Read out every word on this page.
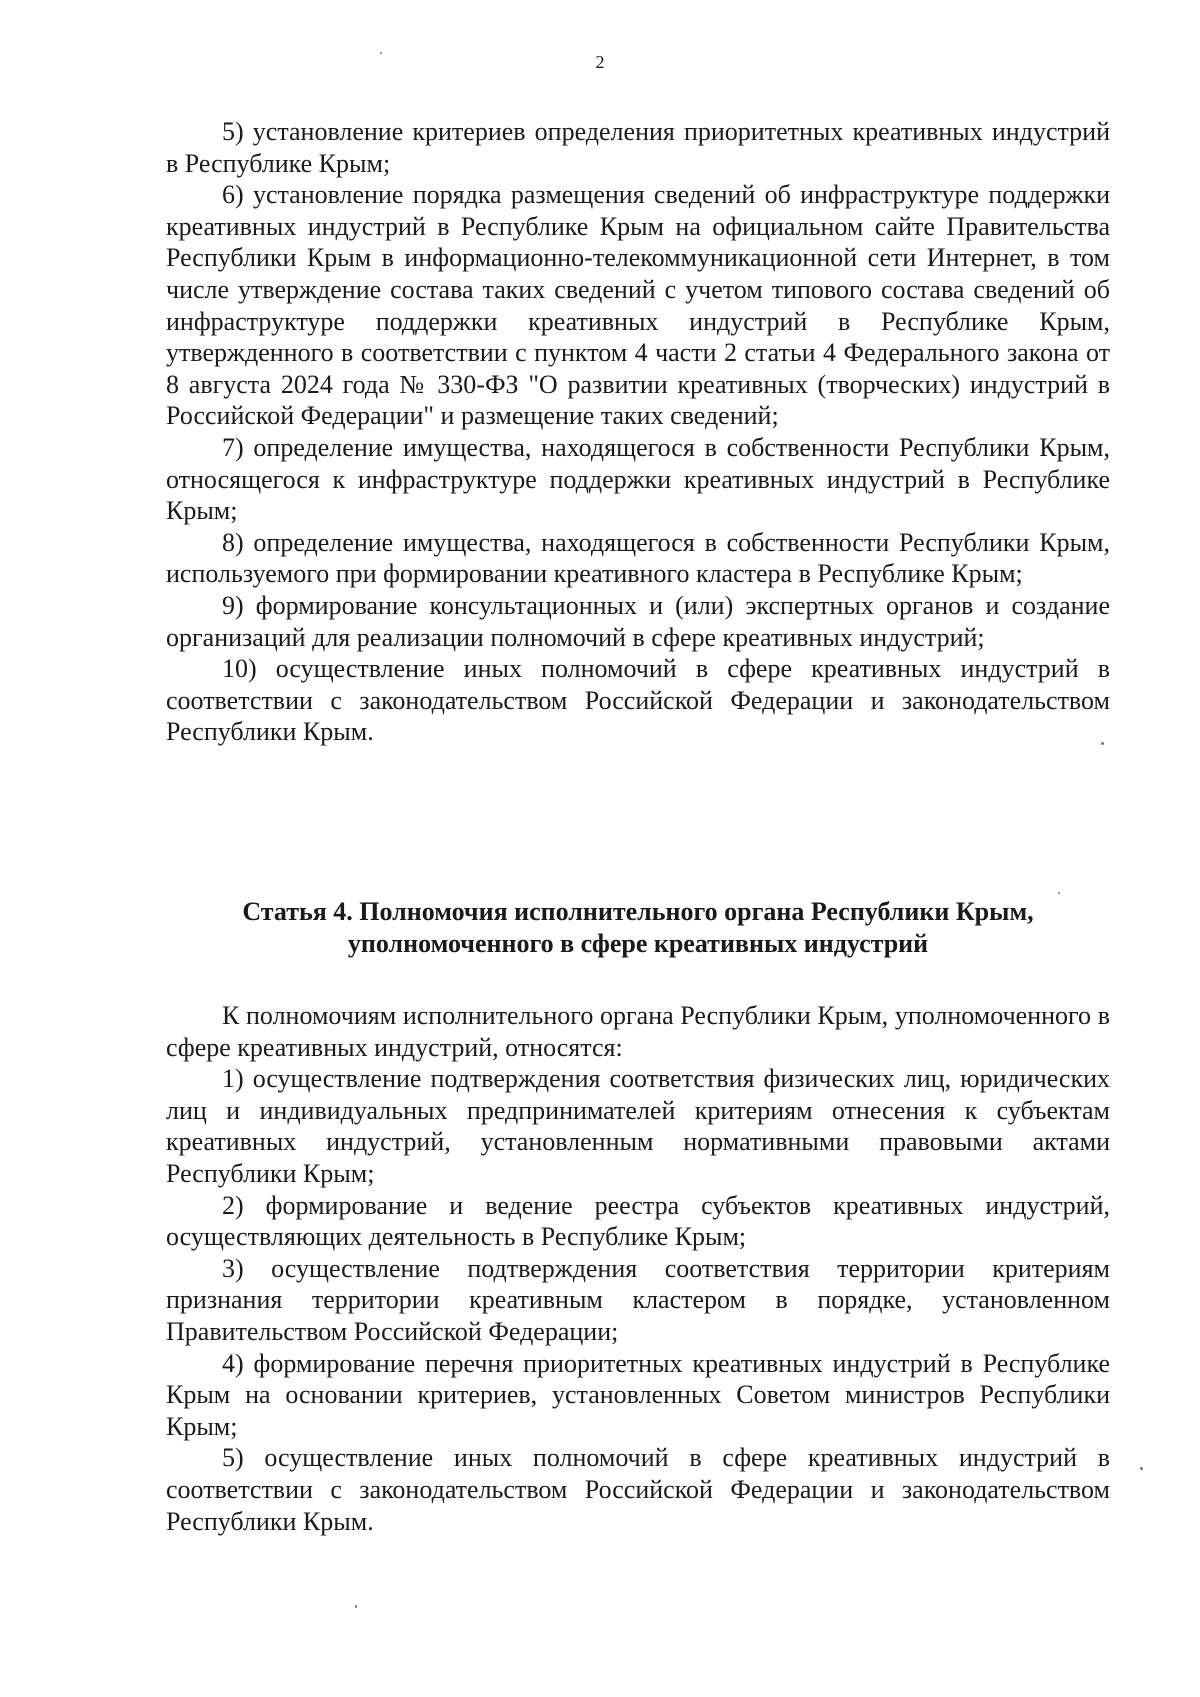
2

5) установление критериев определения приоритетных креативных индустрий в Республике Крым;

6) установление порядка размещения сведений об инфраструктуре поддержки креативных индустрий в Республике Крым на официальном сайте Правительства Республики Крым в информационно-телекоммуникационной сети Интернет, в том числе утверждение состава таких сведений с учетом типового состава сведений об инфраструктуре поддержки креативных индустрий в Республике Крым, утвержденного в соответствии с пунктом 4 части 2 статьи 4 Федерального закона от 8 августа 2024 года № 330-ФЗ "О развитии креативных (творческих) индустрий в Российской Федерации" и размещение таких сведений;

7) определение имущества, находящегося в собственности Республики Крым, относящегося к инфраструктуре поддержки креативных индустрий в Республике Крым;

8) определение имущества, находящегося в собственности Республики Крым, используемого при формировании креативного кластера в Республике Крым;

9) формирование консультационных и (или) экспертных органов и создание организаций для реализации полномочий в сфере креативных индустрий;

10) осуществление иных полномочий в сфере креативных индустрий в соответствии с законодательством Российской Федерации и законодательством Республики Крым.

Статья 4. Полномочия исполнительного органа Республики Крым,
уполномоченного в сфере креативных индустрий

К полномочиям исполнительного органа Республики Крым, уполномоченного в сфере креативных индустрий, относятся:

1) осуществление подтверждения соответствия физических лиц, юридических лиц и индивидуальных предпринимателей критериям отнесения к субъектам креативных индустрий, установленным нормативными правовыми актами Республики Крым;

2) формирование и ведение реестра субъектов креативных индустрий, осуществляющих деятельность в Республике Крым;

3) осуществление подтверждения соответствия территории критериям признания территории креативным кластером в порядке, установленном Правительством Российской Федерации;

4) формирование перечня приоритетных креативных индустрий в Республике Крым на основании критериев, установленных Советом министров Республики Крым;

5) осуществление иных полномочий в сфере креативных индустрий в соответствии с законодательством Российской Федерации и законодательством Республики Крым.
